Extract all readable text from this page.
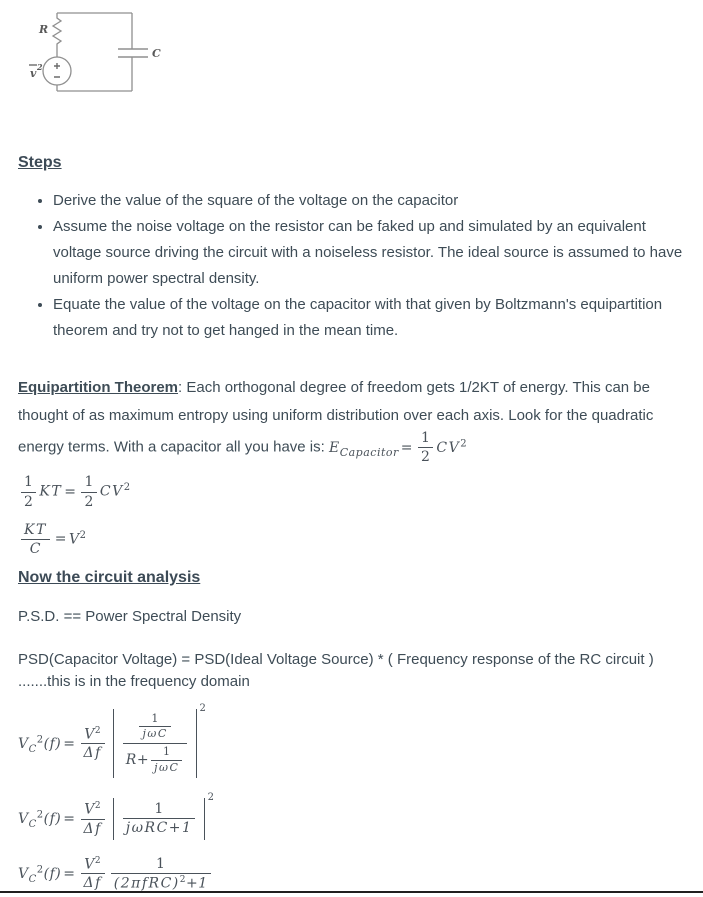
R
v 2
C
Steps
• Derive the value of the square of the voltage on the capacitor
• Assume the noise voltage on the resistor can be faked up and simulated by an equivalent voltage source driving the circuit with a noiseless resistor. The ideal source is assumed to have uniform power spectral density.
• Equate the value of the voltage on the capacitor with that given by Boltzmann's equipartition theorem and try not to get hanged in the mean time.

Equipartition Theorem: Each orthogonal degree of freedom gets 1/2KT of energy. This can be thought of as maximum entropy using uniform distribution over each axis. Look for the quadratic energy terms. With a capacitor all you have is: $E_{Capacitor} = \frac{1}{2} CV^2$

$\frac{1}{2}$ KT = $\frac{1}{2} CV^2$
$\frac{KT}{C} = V^2$
Now the circuit analysis

P.S.D. == Power Spectral Density

PSD(Capacitor Voltage) = PSD(Ideal Voltage Source) * ( Frequency response of the RC circuit )
.......this is in the frequency domain

$V_C^2(f) = \frac{V^2}{\Delta f} \frac{\frac{1}{\text{jωC}}}{R+ \frac{1}{\text{jωC}}}$
2
$V_C^2(f) = \frac{V^2}{\Delta f} \frac{1}{\text{jωRC+1}}$
2
$V_C^2(f) = \frac{V^2}{\Delta f} \frac{1}{(2\pi fRC)^2+1}$
